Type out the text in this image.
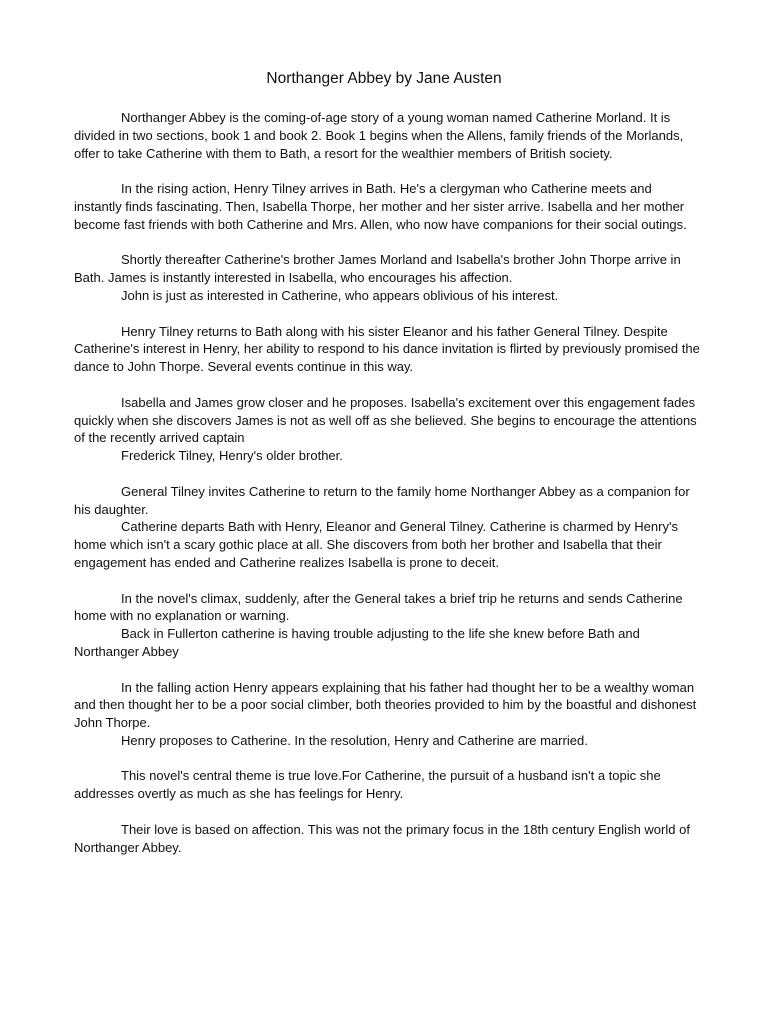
Northanger Abbey by Jane Austen

Northanger Abbey is the coming-of-age story of a young woman named Catherine Morland. It is divided in two sections, book 1 and book 2. Book 1 begins when the Allens, family friends of the Morlands, offer to take Catherine with them to Bath, a resort for the wealthier members of British society.

In the rising action, Henry Tilney arrives in Bath. He's a clergyman who Catherine meets and instantly finds fascinating. Then, Isabella Thorpe, her mother and her sister arrive. Isabella and her mother become fast friends with both Catherine and Mrs. Allen, who now have companions for their social outings.

Shortly thereafter Catherine's brother James Morland and Isabella's brother John Thorpe arrive in Bath. James is instantly interested in Isabella, who encourages his affection.

John is just as interested in Catherine, who appears oblivious of his interest.

Henry Tilney returns to Bath along with his sister Eleanor and his father General Tilney. Despite Catherine's interest in Henry, her ability to respond to his dance invitation is flirted by previously promised the dance to John Thorpe. Several events continue in this way.

Isabella and James grow closer and he proposes. Isabella's excitement over this engagement fades quickly when she discovers James is not as well off as she believed. She begins to encourage the attentions of the recently arrived captain

Frederick Tilney, Henry's older brother.

General Tilney invites Catherine to return to the family home Northanger Abbey as a companion for his daughter.

Catherine departs Bath with Henry, Eleanor and General Tilney. Catherine is charmed by Henry's home which isn't a scary gothic place at all. She discovers from both her brother and Isabella that their engagement has ended and Catherine realizes Isabella is prone to deceit.

In the novel's climax, suddenly, after the General takes a brief trip he returns and sends Catherine home with no explanation or warning.

Back in Fullerton catherine is having trouble adjusting to the life she knew before Bath and Northanger Abbey

In the falling action Henry appears explaining that his father had thought her to be a wealthy woman and then thought her to be a poor social climber, both theories provided to him by the boastful and dishonest John Thorpe.

Henry proposes to Catherine. In the resolution, Henry and Catherine are married.

This novel's central theme is true love.For Catherine, the pursuit of a husband isn't a topic she addresses overtly as much as she has feelings for Henry.

Their love is based on affection. This was not the primary focus in the 18th century English world of Northanger Abbey.
